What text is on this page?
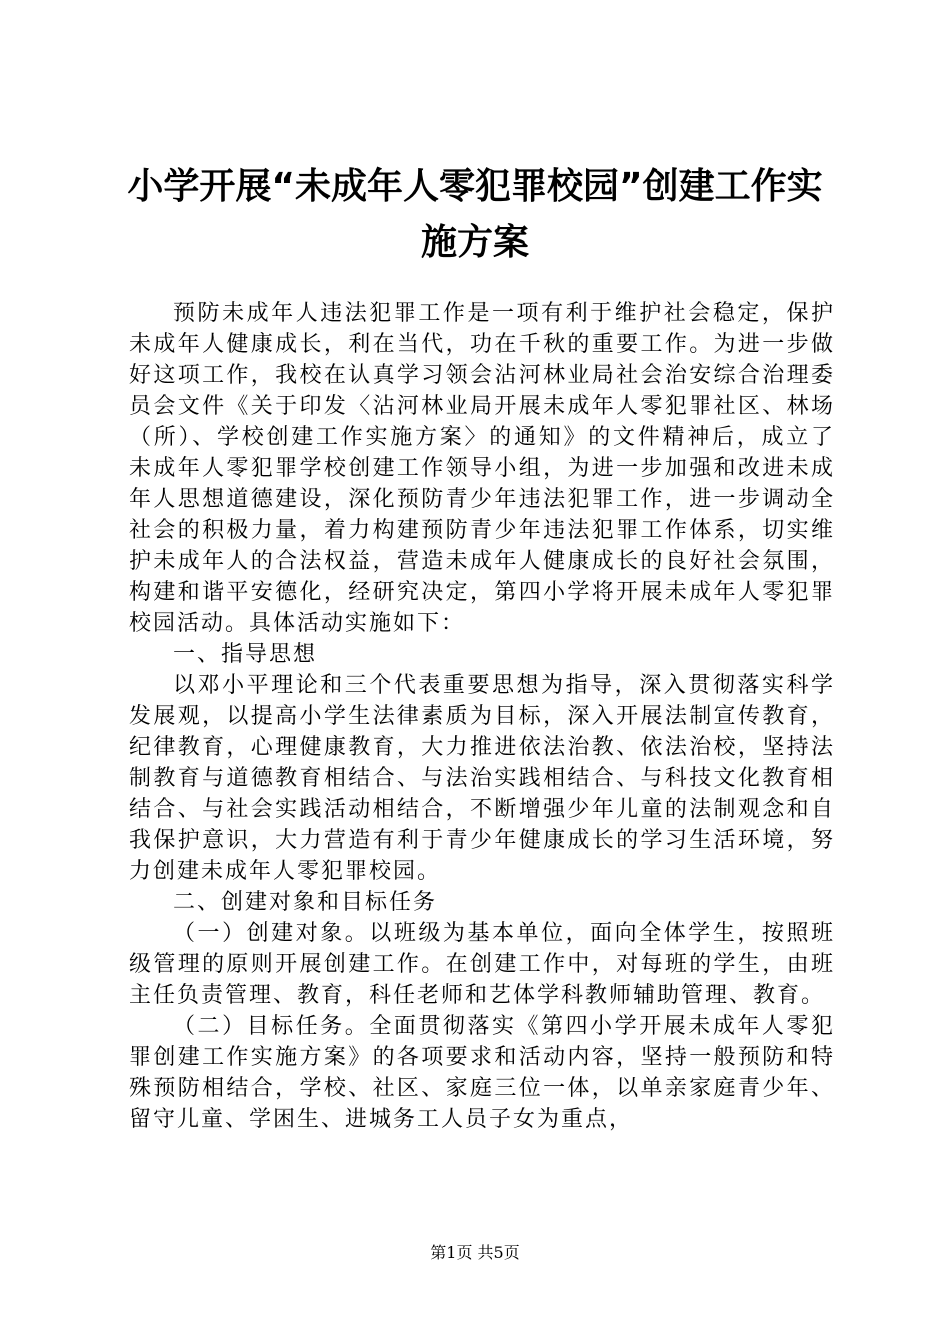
小学开展“未成年人零犯罪校园”创建工作实
施方案

预防未成年人违法犯罪工作是一项有利于维护社会稳定，保护未成年人健康成长，利在当代，功在千秋的重要工作。为进一步做好这项工作，我校在认真学习领会沾河林业局社会治安综合治理委员会文件《关于印发〈沾河林业局开展未成年人零犯罪社区、林场（所）、学校创建工作实施方案〉的通知》的文件精神后，成立了未成年人零犯罪学校创建工作领导小组，为进一步加强和改进未成年人思想道德建设，深化预防青少年违法犯罪工作，进一步调动全社会的积极力量，着力构建预防青少年违法犯罪工作体系，切实维护未成年人的合法权益，营造未成年人健康成长的良好社会氛围，构建和谐平安德化，经研究决定，第四小学将开展未成年人零犯罪校园活动。具体活动实施如下：

一、指导思想

以邓小平理论和三个代表重要思想为指导，深入贯彻落实科学发展观，以提高小学生法律素质为目标，深入开展法制宣传教育，纪律教育，心理健康教育，大力推进依法治教、依法治校，坚持法制教育与道德教育相结合、与法治实践相结合、与科技文化教育相结合、与社会实践活动相结合，不断增强少年儿童的法制观念和自我保护意识，大力营造有利于青少年健康成长的学习生活环境，努力创建未成年人零犯罪校园。

二、创建对象和目标任务

（一）创建对象。以班级为基本单位，面向全体学生，按照班级管理的原则开展创建工作。在创建工作中，对每班的学生，由班主任负责管理、教育，科任老师和艺体学科教师辅助管理、教育。

（二）目标任务。全面贯彻落实《第四小学开展未成年人零犯罪创建工作实施方案》的各项要求和活动内容，坚持一般预防和特殊预防相结合，学校、社区、家庭三位一体，以单亲家庭青少年、留守儿童、学困生、进城务工人员子女为重点，

第1页 共5页
